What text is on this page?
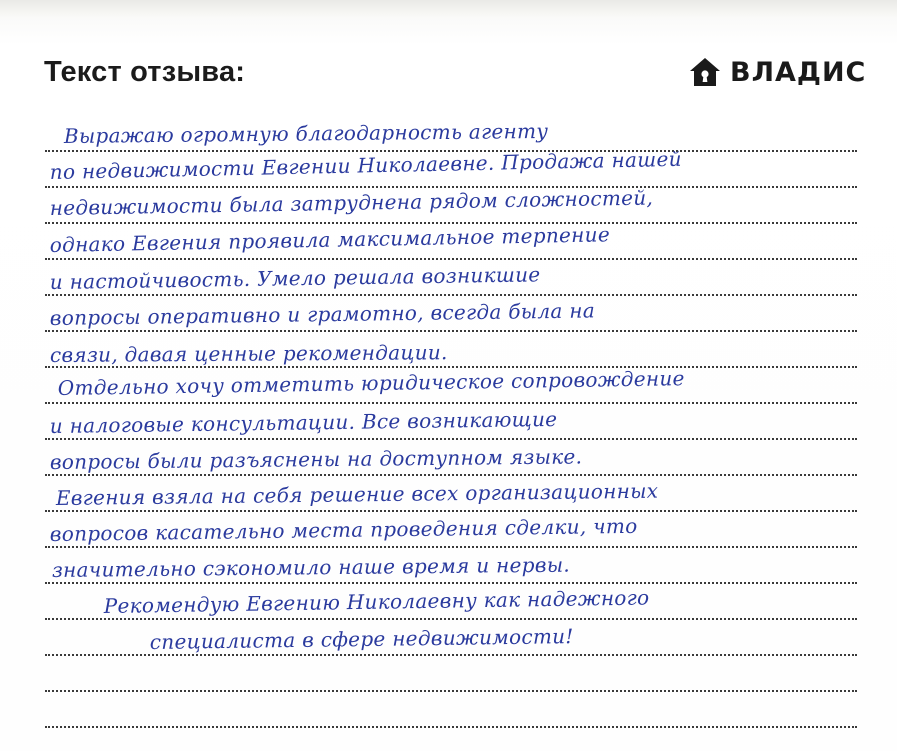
Текст отзыва:	ВЛАДИС
Выражаю огромную благодарность агенту
по недвижимости Евгении Николаевне. Продажа нашей
недвижимости была затруднена рядом сложностей,
однако Евгения проявила максимальное терпение
и настойчивость. Умело решала возникшие
вопросы оперативно и грамотно, всегда была на
связи, давая ценные рекомендации.
Отдельно хочу отметить юридическое сопровождение
и налоговые консультации. Все возникающие
вопросы были разъяснены на доступном языке.
Евгения взяла на себя решение всех организационных
вопросов касательно места проведения сделки, что
значительно сэкономило наше время и нервы.
Рекомендую Евгению Николаевну как надежного
специалиста в сфере недвижимости!
